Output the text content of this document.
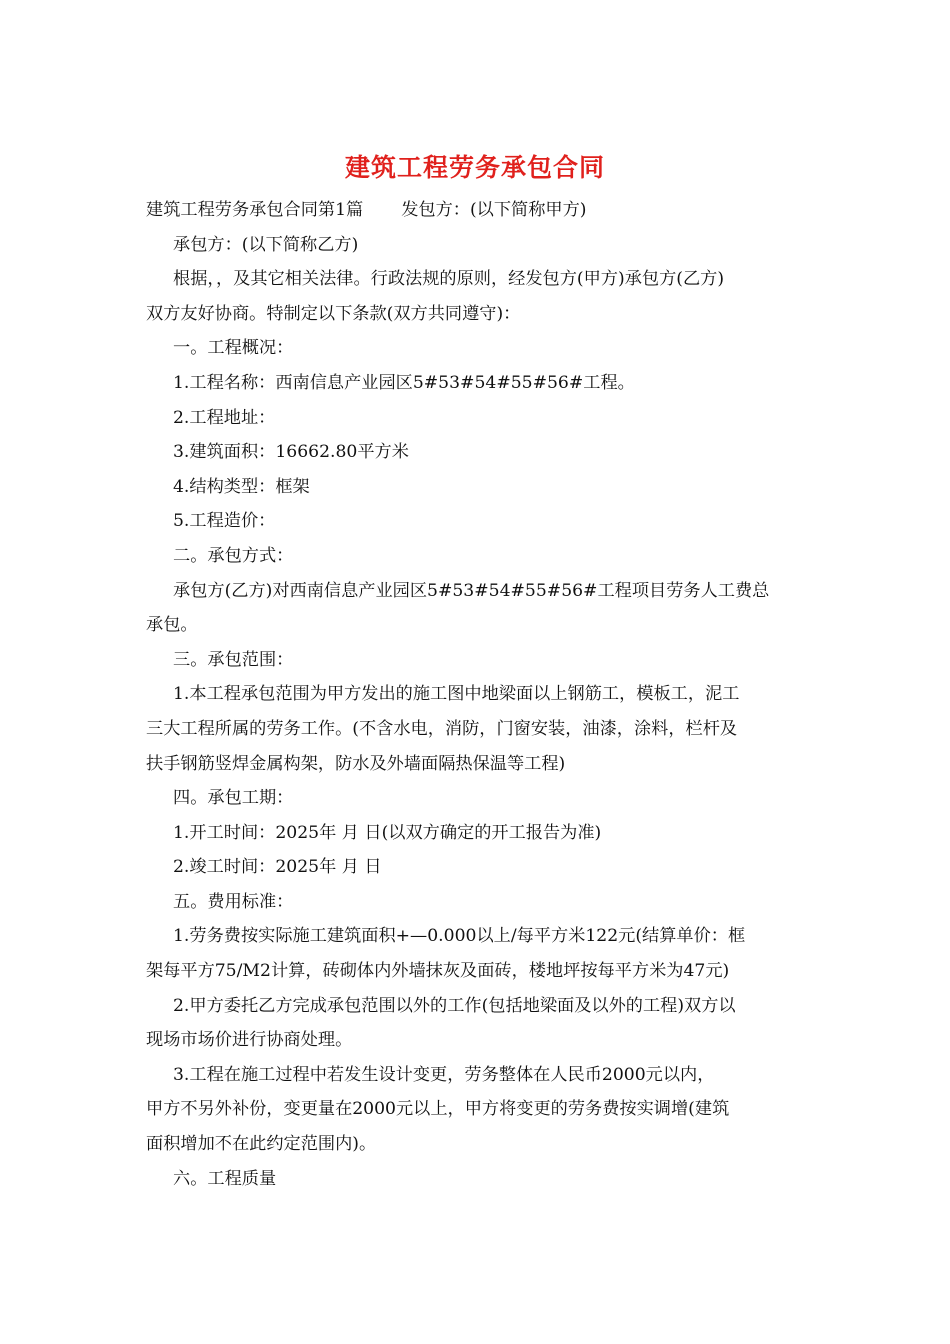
建筑工程劳务承包合同

建筑工程劳务承包合同第1篇 发包方：(以下简称甲方)

承包方：(以下简称乙方)

根据，，及其它相关法律。行政法规的原则，经发包方(甲方)承包方(乙方)

双方友好协商。特制定以下条款(双方共同遵守)：

一。工程概况：

1.工程名称：西南信息产业园区5#53#54#55#56#工程。

2.工程地址：

3.建筑面积：16662.80平方米

4.结构类型：框架

5.工程造价：

二。承包方式：

承包方(乙方)对西南信息产业园区5#53#54#55#56#工程项目劳务人工费总

承包。

三。承包范围：

1.本工程承包范围为甲方发出的施工图中地梁面以上钢筋工，模板工，泥工

三大工程所属的劳务工作。(不含水电，消防，门窗安装，油漆，涂料，栏杆及

扶手钢筋竖焊金属构架，防水及外墙面隔热保温等工程)

四。承包工期：

1.开工时间：2025年 月 日(以双方确定的开工报告为准)

2.竣工时间：2025年 月 日

五。费用标准：

1.劳务费按实际施工建筑面积+—0.000以上/每平方米122元(结算单价：框

架每平方75/M2计算，砖砌体内外墙抹灰及面砖，楼地坪按每平方米为47元)

2.甲方委托乙方完成承包范围以外的工作(包括地梁面及以外的工程)双方以

现场市场价进行协商处理。

3.工程在施工过程中若发生设计变更，劳务整体在人民币2000元以内，

甲方不另外补份，变更量在2000元以上，甲方将变更的劳务费按实调增(建筑

面积增加不在此约定范围内)。

六。工程质量
